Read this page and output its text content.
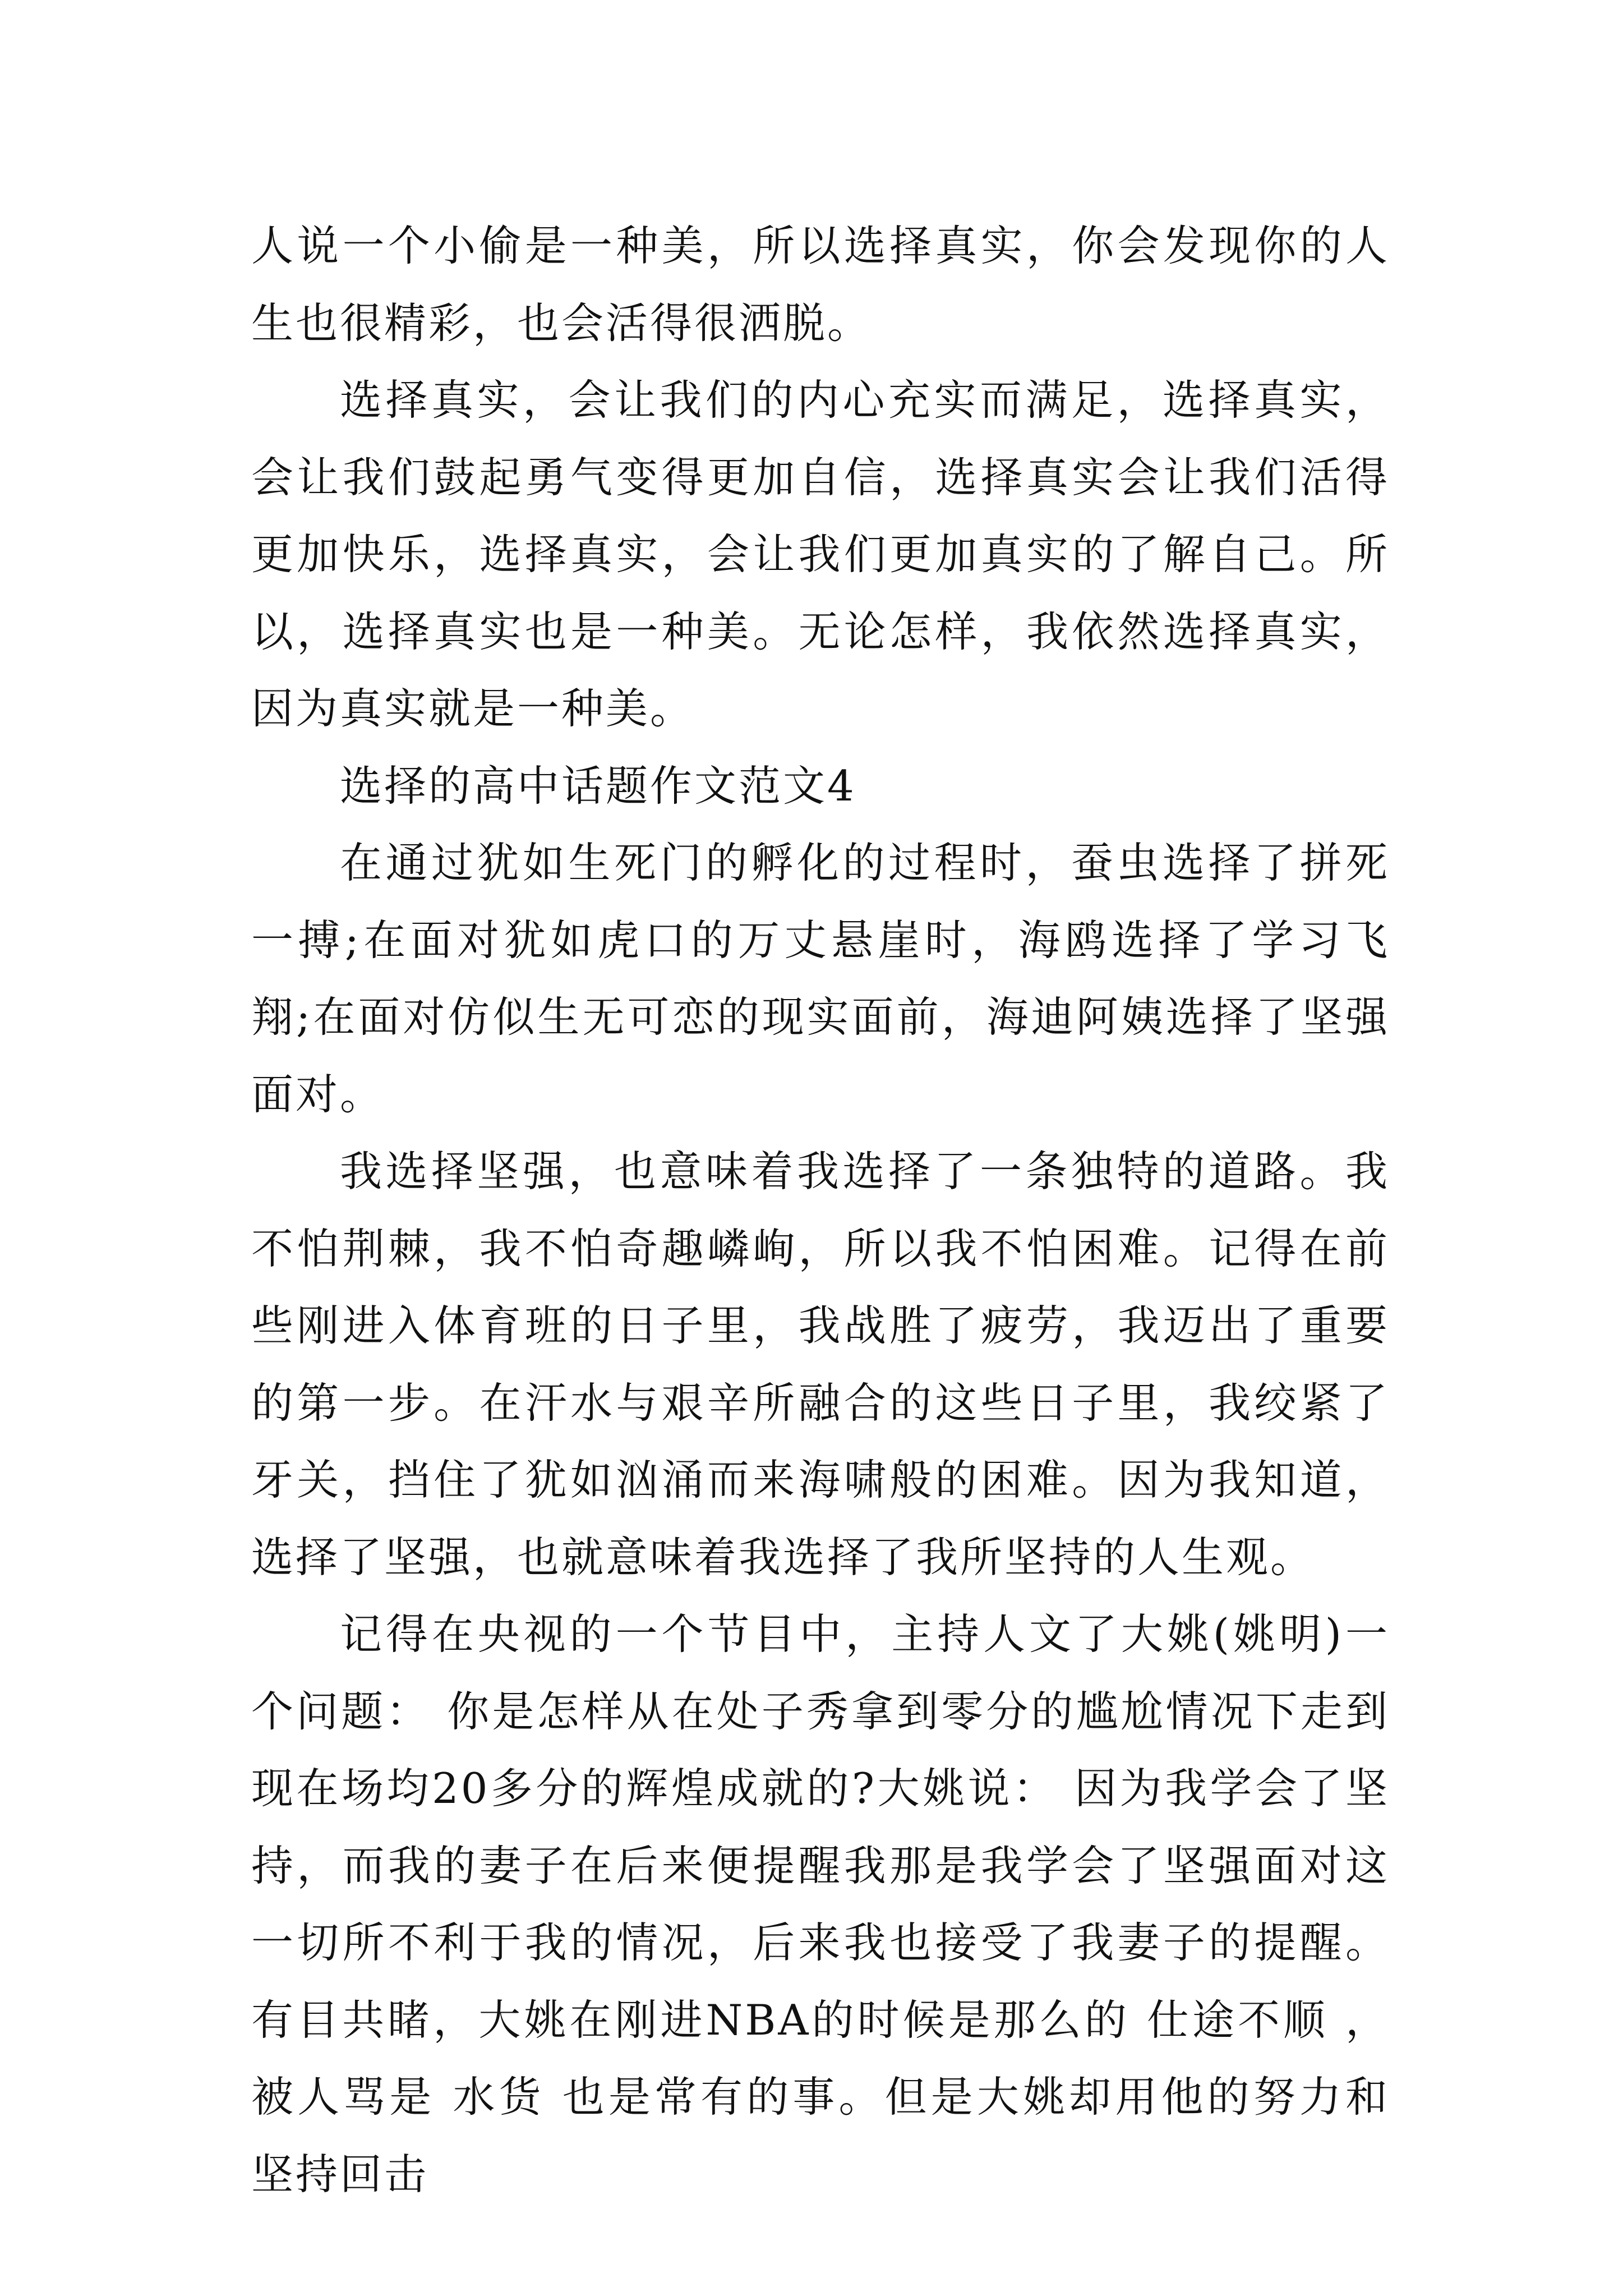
人说一个小偷是一种美，所以选择真实，你会发现你的人生也很精彩，也会活得很洒脱。

选择真实，会让我们的内心充实而满足，选择真实，会让我们鼓起勇气变得更加自信，选择真实会让我们活得更加快乐，选择真实，会让我们更加真实的了解自己。所以，选择真实也是一种美。无论怎样，我依然选择真实，因为真实就是一种美。

选择的高中话题作文范文4

在通过犹如生死门的孵化的过程时，蚕虫选择了拼死一搏;在面对犹如虎口的万丈悬崖时，海鸥选择了学习飞翔;在面对仿似生无可恋的现实面前，海迪阿姨选择了坚强面对。

我选择坚强，也意味着我选择了一条独特的道路。我不怕荆棘，我不怕奇趣嶙峋，所以我不怕困难。记得在前些刚进入体育班的日子里，我战胜了疲劳，我迈出了重要的第一步。在汗水与艰辛所融合的这些日子里，我绞紧了牙关，挡住了犹如汹涌而来海啸般的困难。因为我知道，选择了坚强，也就意味着我选择了我所坚持的人生观。

记得在央视的一个节目中，主持人文了大姚(姚明)一个问题： 你是怎样从在处子秀拿到零分的尴尬情况下走到现在场均20多分的辉煌成就的?大姚说： 因为我学会了坚持，而我的妻子在后来便提醒我那是我学会了坚强面对这一切所不利于我的情况，后来我也接受了我妻子的提醒。 有目共睹，大姚在刚进NBA的时候是那么的 仕途不顺 ，被人骂是 水货 也是常有的事。但是大姚却用他的努力和坚持回击
